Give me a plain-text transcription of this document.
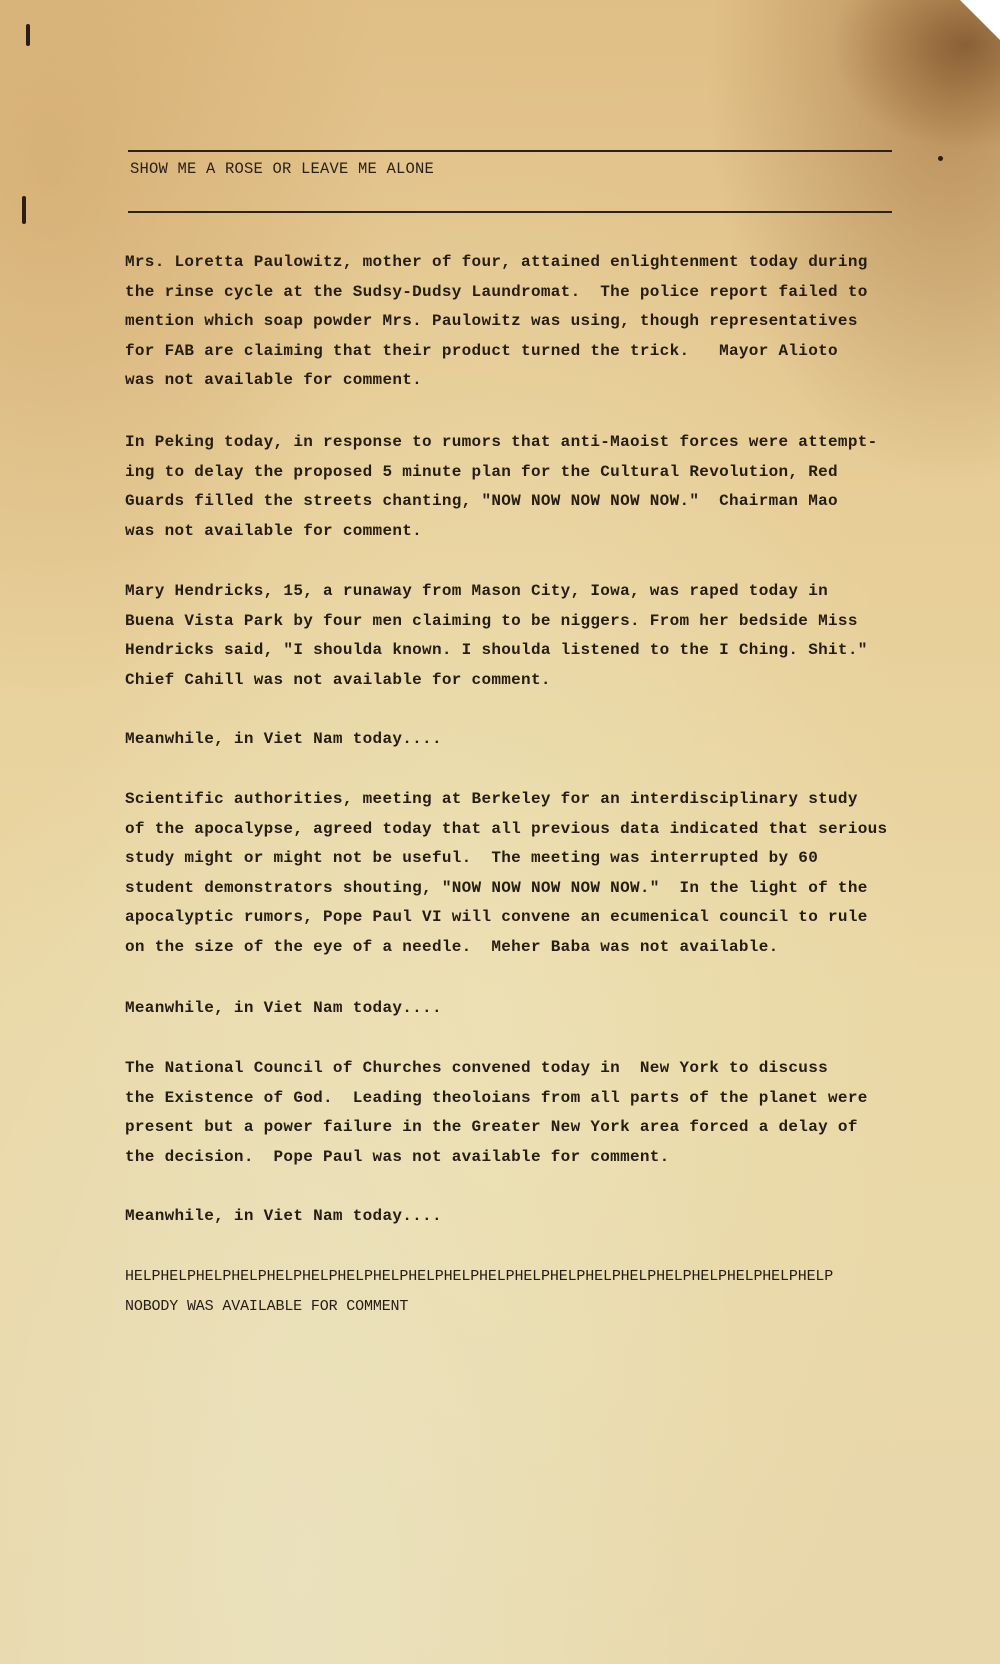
SHOW ME A ROSE OR LEAVE ME ALONE

Mrs. Loretta Paulowitz, mother of four, attained enlightenment today during

the rinse cycle at the Sudsy-Dudsy Laundromat.  The police report failed to

mention which soap powder Mrs. Paulowitz was using, though representatives

for FAB are claiming that their product turned the trick.   Mayor Alioto

was not available for comment.

In Peking today, in response to rumors that anti-Maoist forces were attempt-

ing to delay the proposed 5 minute plan for the Cultural Revolution, Red

Guards filled the streets chanting, "NOW NOW NOW NOW NOW."  Chairman Mao

was not available for comment.

Mary Hendricks, 15, a runaway from Mason City, Iowa, was raped today in

Buena Vista Park by four men claiming to be niggers. From her bedside Miss

Hendricks said, "I shoulda known. I shoulda listened to the I Ching. Shit."

Chief Cahill was not available for comment.

Meanwhile, in Viet Nam today....

Scientific authorities, meeting at Berkeley for an interdisciplinary study

of the apocalypse, agreed today that all previous data indicated that serious

study might or might not be useful.  The meeting was interrupted by 60

student demonstrators shouting, "NOW NOW NOW NOW NOW."  In the light of the

apocalyptic rumors, Pope Paul VI will convene an ecumenical council to rule

on the size of the eye of a needle.  Meher Baba was not available.

Meanwhile, in Viet Nam today....

The National Council of Churches convened today in  New York to discuss

the Existence of God.  Leading theoloians from all parts of the planet were

present but a power failure in the Greater New York area forced a delay of

the decision.  Pope Paul was not available for comment.

Meanwhile, in Viet Nam today....

HELPHELPHELPHELPHELPHELPHELPHELPHELPHELPHELPHELPHELPHELPHELPHELPHELPHELPHELPHELP

NOBODY WAS AVAILABLE FOR COMMENT
